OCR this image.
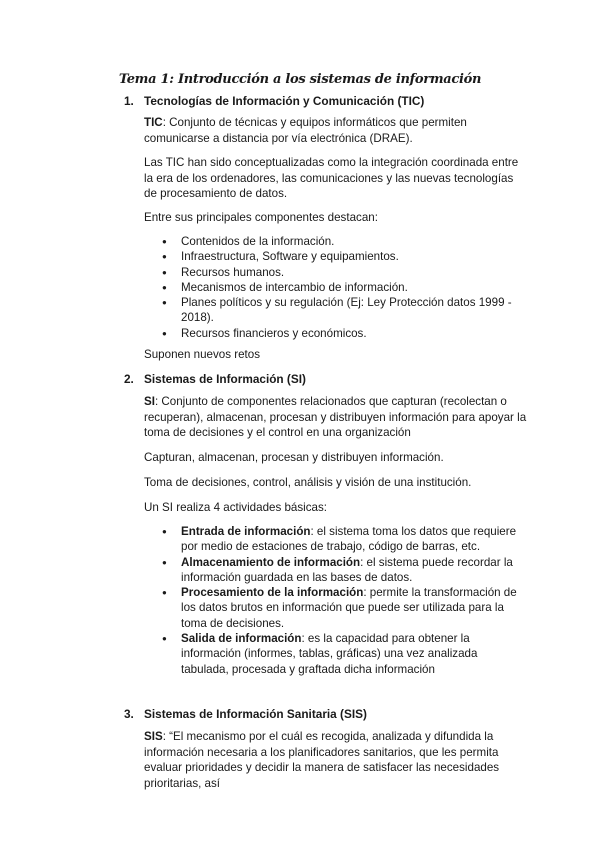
Tema 1: Introducción a los sistemas de información
1. Tecnologías de Información y Comunicación (TIC)
TIC: Conjunto de técnicas y equipos informáticos que permiten comunicarse a distancia por vía electrónica (DRAE).
Las TIC han sido conceptualizadas como la integración coordinada entre la era de los ordenadores, las comunicaciones y las nuevas tecnologías de procesamiento de datos.
Entre sus principales componentes destacan:
● Contenidos de la información.
● Infraestructura, Software y equipamientos.
● Recursos humanos.
● Mecanismos de intercambio de información.
● Planes políticos y su regulación (Ej: Ley Protección datos 1999 - 2018).
● Recursos financieros y económicos.
Suponen nuevos retos
2. Sistemas de Información (SI)
SI: Conjunto de componentes relacionados que capturan (recolectan o recuperan), almacenan, procesan y distribuyen información para apoyar la toma de decisiones y el control en una organización
Capturan, almacenan, procesan y distribuyen información.
Toma de decisiones, control, análisis y visión de una institución.
Un SI realiza 4 actividades básicas:
● Entrada de información: el sistema toma los datos que requiere por medio de estaciones de trabajo, código de barras, etc.
● Almacenamiento de información: el sistema puede recordar la información guardada en las bases de datos.
● Procesamiento de la información: permite la transformación de los datos brutos en información que puede ser utilizada para la toma de decisiones.
● Salida de información: es la capacidad para obtener la información (informes, tablas, gráficas) una vez analizada tabulada, procesada y graftada dicha información
3. Sistemas de Información Sanitaria (SIS)
SIS: “El mecanismo por el cuál es recogida, analizada y difundida la información necesaria a los planificadores sanitarios, que les permita evaluar prioridades y decidir la manera de satisfacer las necesidades prioritarias, así
